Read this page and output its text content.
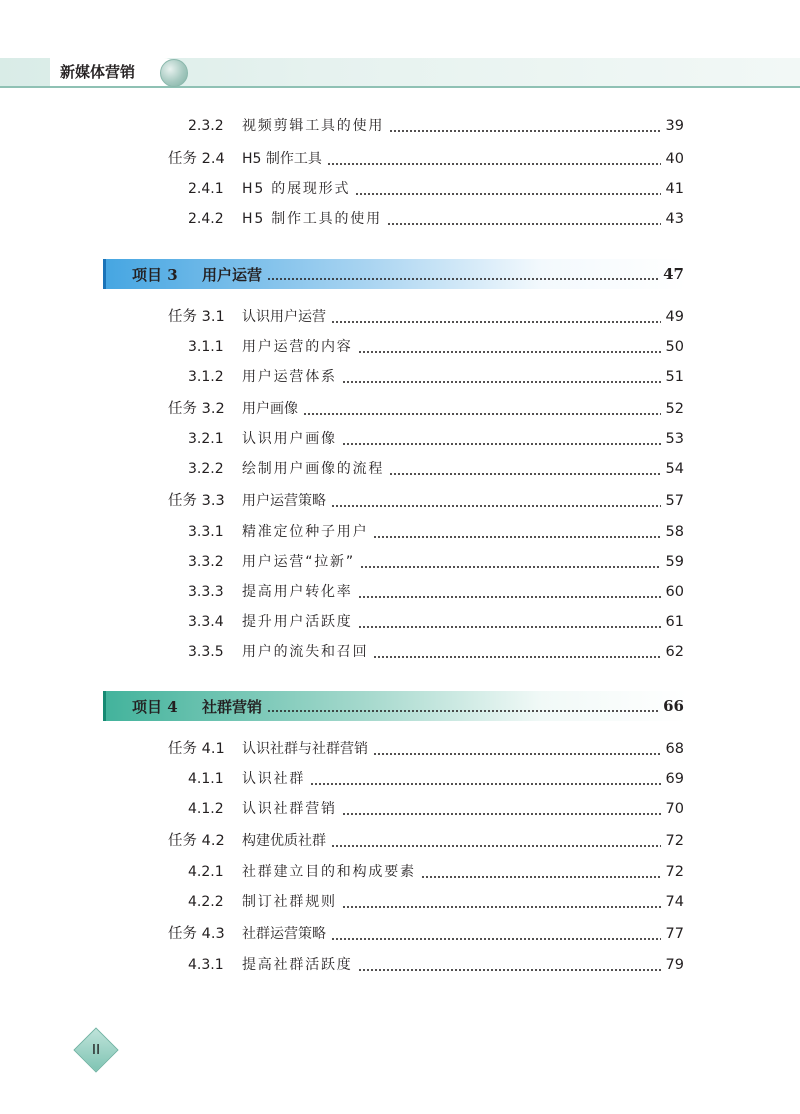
新媒体营销
2.3.2	视频剪辑工具的使用	39
任务 2.4	H5 制作工具	40
2.4.1	H5 的展现形式	41
2.4.2	H5 制作工具的使用	43
项目 3	用户运营	47
任务 3.1	认识用户运营	49
3.1.1	用户运营的内容	50
3.1.2	用户运营体系	51
任务 3.2	用户画像	52
3.2.1	认识用户画像	53
3.2.2	绘制用户画像的流程	54
任务 3.3	用户运营策略	57
3.3.1	精准定位种子用户	58
3.3.2	用户运营“拉新”	59
3.3.3	提高用户转化率	60
3.3.4	提升用户活跃度	61
3.3.5	用户的流失和召回	62
项目 4	社群营销	66
任务 4.1	认识社群与社群营销	68
4.1.1	认识社群	69
4.1.2	认识社群营销	70
任务 4.2	构建优质社群	72
4.2.1	社群建立目的和构成要素	72
4.2.2	制订社群规则	74
任务 4.3	社群运营策略	77
4.3.1	提高社群活跃度	79
II
